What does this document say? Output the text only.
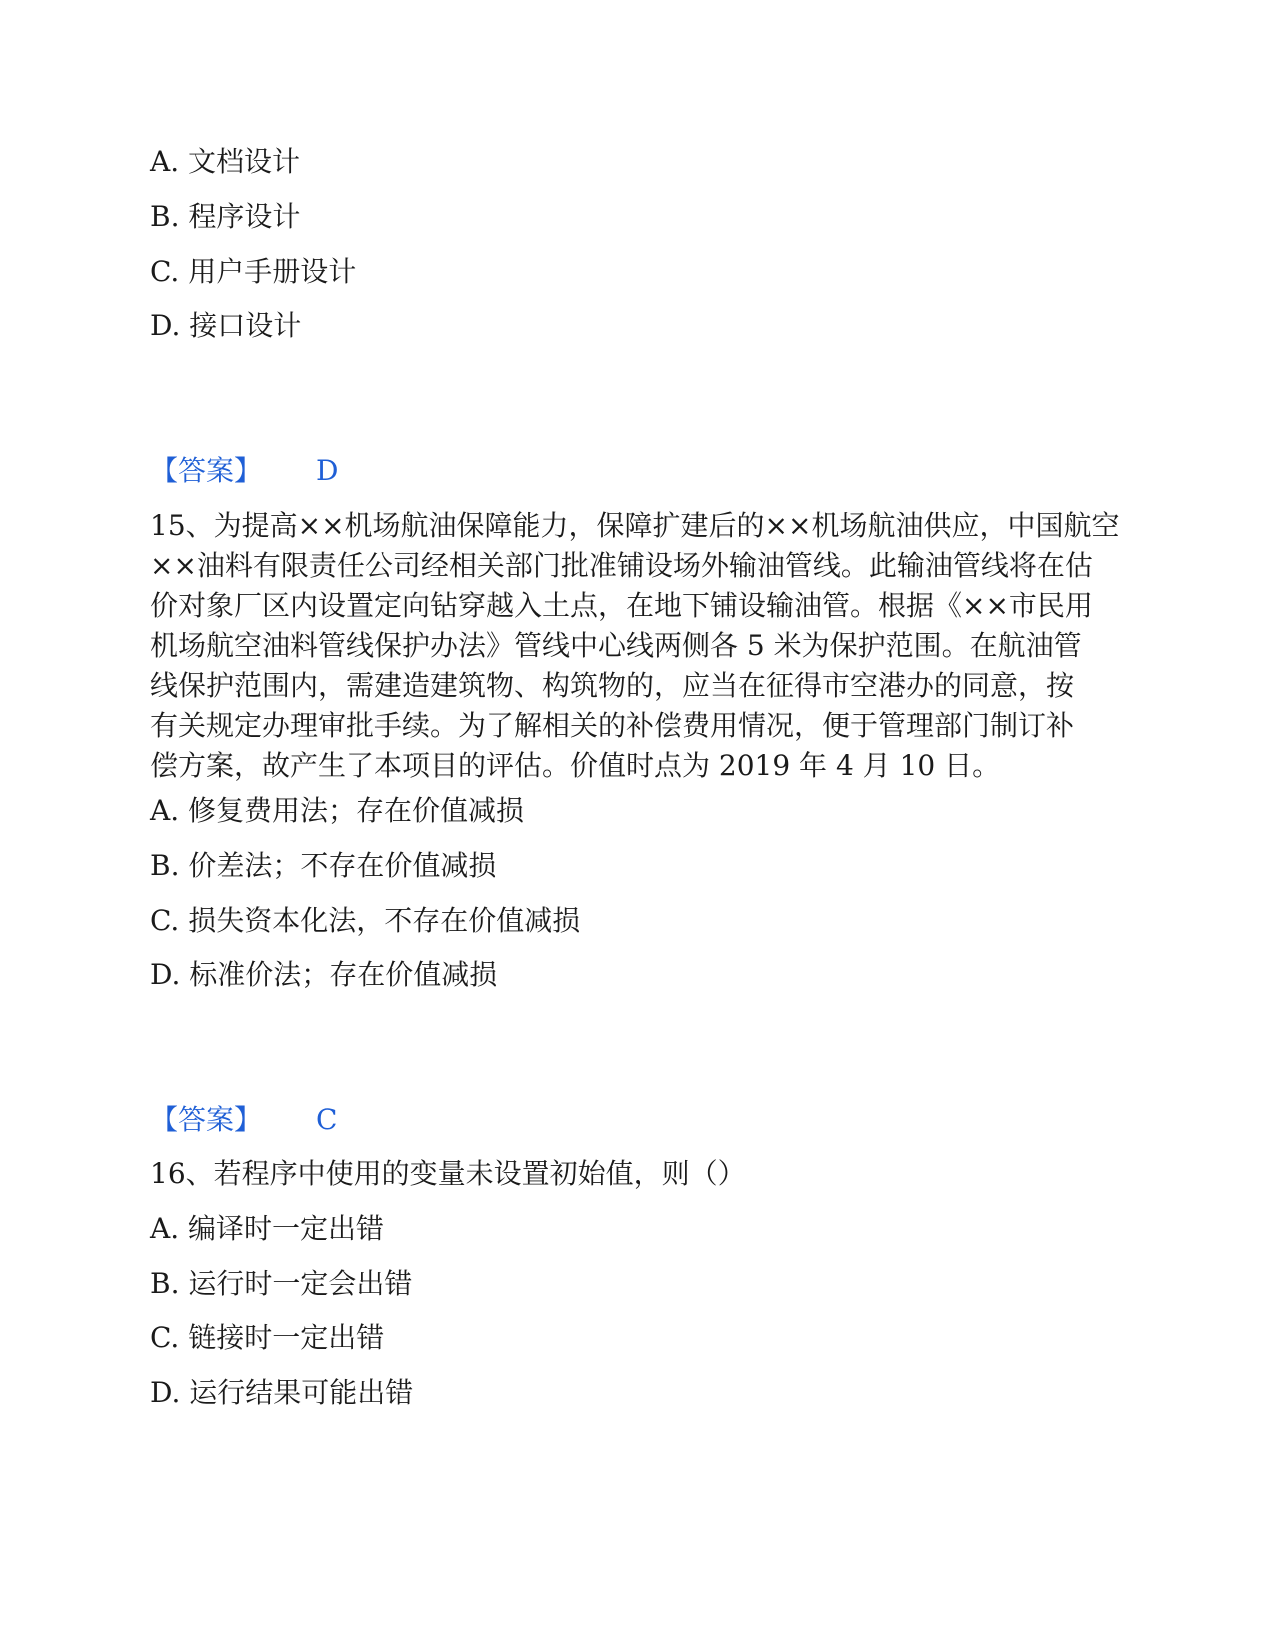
A. 文档设计
B. 程序设计
C. 用户手册设计
D. 接口设计
【答案】 D
15、为提高××机场航油保障能力，保障扩建后的××机场航油供应，中国航空
××油料有限责任公司经相关部门批准铺设场外输油管线。此输油管线将在估
价对象厂区内设置定向钻穿越入土点，在地下铺设输油管。根据《××市民用
机场航空油料管线保护办法》管线中心线两侧各 5 米为保护范围。在航油管
线保护范围内，需建造建筑物、构筑物的，应当在征得市空港办的同意，按
有关规定办理审批手续。为了解相关的补偿费用情况，便于管理部门制订补
偿方案，故产生了本项目的评估。价值时点为 2019 年 4 月 10 日。
A. 修复费用法；存在价值减损
B. 价差法；不存在价值减损
C. 损失资本化法，不存在价值减损
D. 标准价法；存在价值减损
【答案】 C
16、若程序中使用的变量未设置初始值，则（）
A. 编译时一定出错
B. 运行时一定会出错
C. 链接时一定出错
D. 运行结果可能出错
